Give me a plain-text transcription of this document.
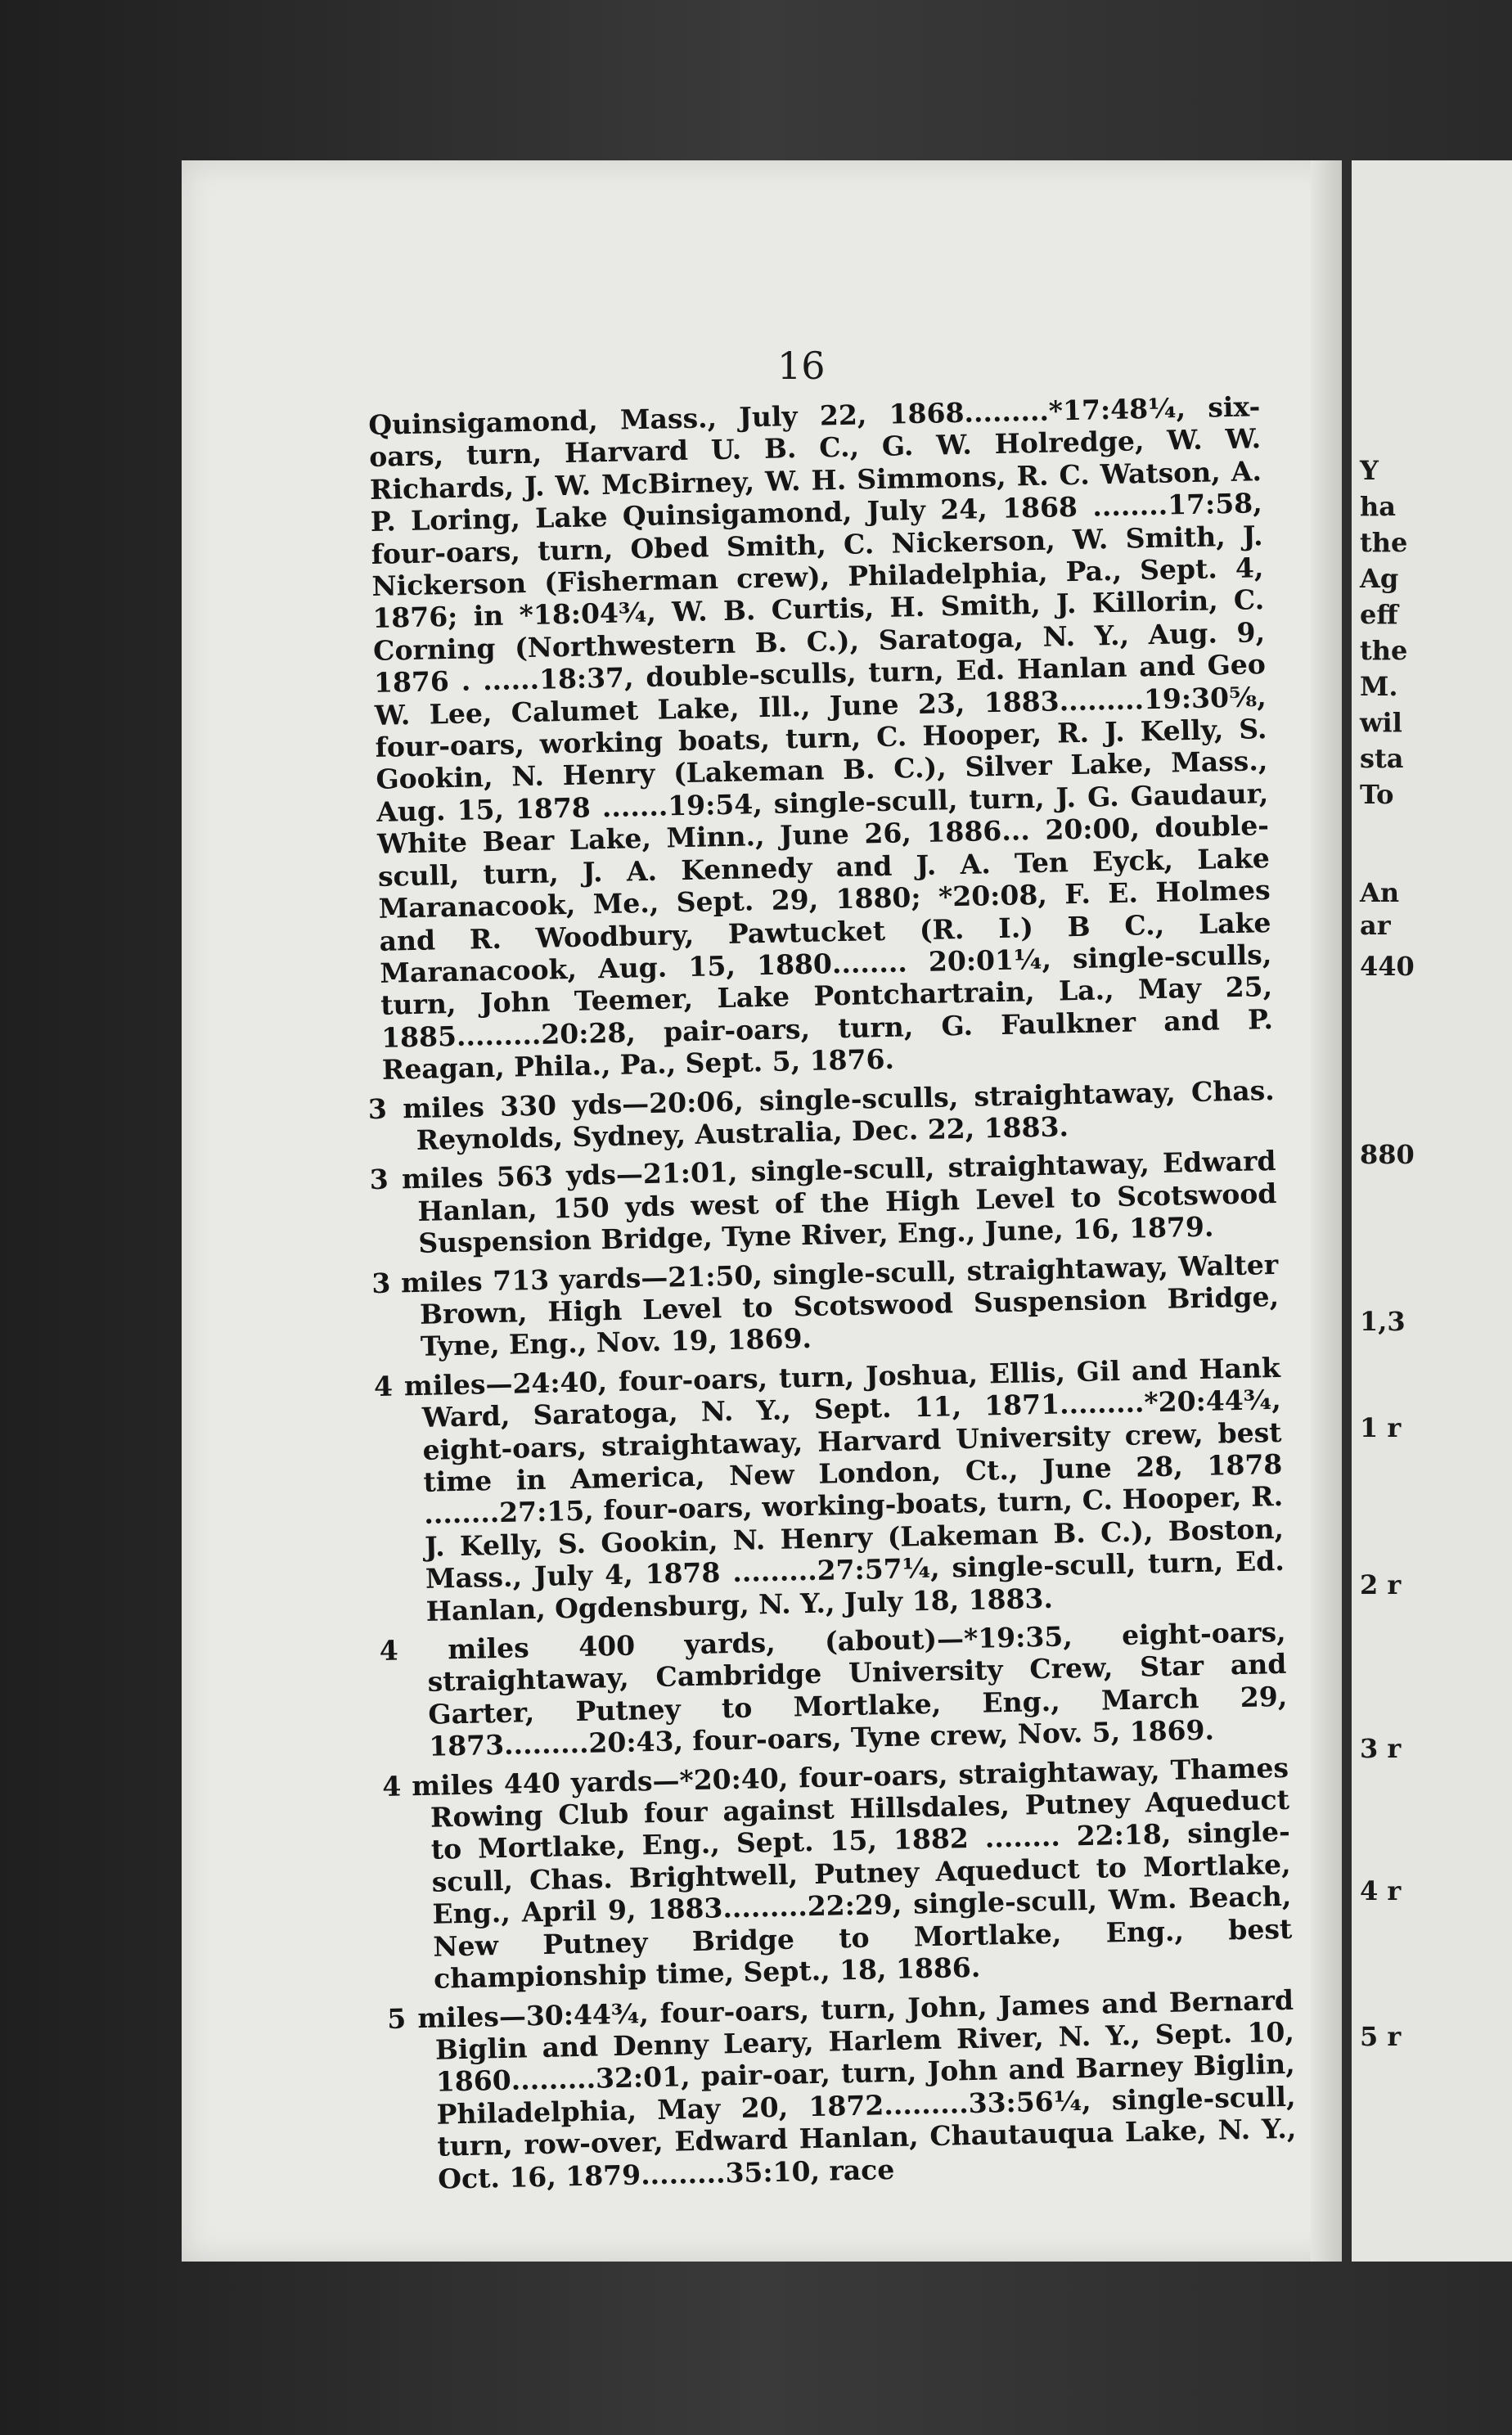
16

Quinsigamond, Mass., July 22, 1868.........*17:48¼, six-oars, turn, Harvard U. B. C., G. W. Holredge, W. W. Richards, J. W. McBirney, W. H. Simmons, R. C. Watson, A. P. Loring, Lake Quinsigamond, July 24, 1868 ........17:58, four-oars, turn, Obed Smith, C. Nickerson, W. Smith, J. Nickerson (Fisherman crew), Philadelphia, Pa., Sept. 4, 1876; in *18:04¾, W. B. Curtis, H. Smith, J. Killorin, C. Corning (Northwestern B. C.), Saratoga, N. Y., Aug. 9, 1876 . ......18:37, double-sculls, turn, Ed. Hanlan and Geo W. Lee, Calumet Lake, Ill., June 23, 1883.........19:30⅝, four-oars, working boats, turn, C. Hooper, R. J. Kelly, S. Gookin, N. Henry (Lakeman B. C.), Silver Lake, Mass., Aug. 15, 1878 .......19:54, single-scull, turn, J. G. Gaudaur, White Bear Lake, Minn., June 26, 1886... 20:00, double-scull, turn, J. A. Kennedy and J. A. Ten Eyck, Lake Maranacook, Me., Sept. 29, 1880; *20:08, F. E. Holmes and R. Woodbury, Pawtucket (R. I.) B C., Lake Maranacook, Aug. 15, 1880........ 20:01¼, single-sculls, turn, John Teemer, Lake Pontchartrain, La., May 25, 1885.........20:28, pair-oars, turn, G. Faulkner and P. Reagan, Phila., Pa., Sept. 5, 1876.

3 miles 330 yds—20:06, single-sculls, straightaway, Chas. Reynolds, Sydney, Australia, Dec. 22, 1883.

3 miles 563 yds—21:01, single-scull, straightaway, Edward Hanlan, 150 yds west of the High Level to Scotswood Suspension Bridge, Tyne River, Eng., June, 16, 1879.

3 miles 713 yards—21:50, single-scull, straightaway, Walter Brown, High Level to Scotswood Suspension Bridge, Tyne, Eng., Nov. 19, 1869.

4 miles—24:40, four-oars, turn, Joshua, Ellis, Gil and Hank Ward, Saratoga, N. Y., Sept. 11, 1871.........*20:44¾, eight-oars, straightaway, Harvard University crew, best time in America, New London, Ct., June 28, 1878 ........27:15, four-oars, working-boats, turn, C. Hooper, R. J. Kelly, S. Gookin, N. Henry (Lakeman B. C.), Boston, Mass., July 4, 1878 .........27:57¼, single-scull, turn, Ed. Hanlan, Ogdensburg, N. Y., July 18, 1883.

4 miles 400 yards, (about)—*19:35, eight-oars, straightaway, Cambridge University Crew, Star and Garter, Putney to Mortlake, Eng., March 29, 1873.........20:43, four-oars, Tyne crew, Nov. 5, 1869.

4 miles 440 yards—*20:40, four-oars, straightaway, Thames Rowing Club four against Hillsdales, Putney Aqueduct to Mortlake, Eng., Sept. 15, 1882 ........ 22:18, single-scull, Chas. Brightwell, Putney Aqueduct to Mortlake, Eng., April 9, 1883.........22:29, single-scull, Wm. Beach, New Putney Bridge to Mortlake, Eng., best championship time, Sept., 18, 1886.

5 miles—30:44¾, four-oars, turn, John, James and Bernard Biglin and Denny Leary, Harlem River, N. Y., Sept. 10, 1860.........32:01, pair-oar, turn, John and Barney Biglin, Philadelphia, May 20, 1872.........33:56¼, single-scull, turn, row-over, Edward Hanlan, Chautauqua Lake, N. Y., Oct. 16, 1879.........35:10, race

Y
ha
the
Ag
eff
the
M.
wil
sta
To
An
ar
440
880
1,3
1 r
2 r
3 r
4 r
5 r
